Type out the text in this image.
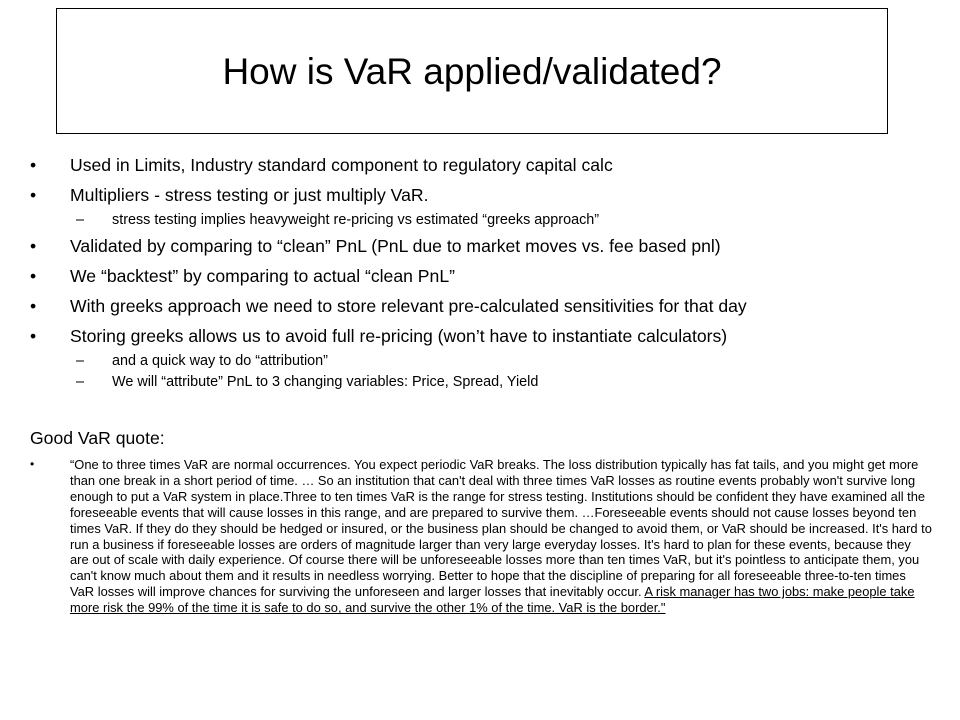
How is VaR applied/validated?
•	Used in Limits, Industry standard component to regulatory capital calc
•	Multipliers - stress testing or just multiply VaR.
– stress testing implies heavyweight re-pricing vs estimated “greeks approach”
•	Validated by comparing to “clean” PnL (PnL due to market moves vs. fee based pnl)
•	We “backtest” by comparing to actual “clean PnL”
•	With greeks approach we need to store relevant pre-calculated sensitivities for that day
•	Storing greeks allows us to avoid full re-pricing (won’t have to instantiate calculators)
– and a quick way to do “attribution”
– We will “attribute” PnL to 3 changing variables: Price, Spread, Yield
Good VaR quote:
•	“One to three times VaR are normal occurrences. You expect periodic VaR breaks. The loss distribution typically has fat tails, and you might get more than one break in a short period of time. … So an institution that can't deal with three times VaR losses as routine events probably won't survive long enough to put a VaR system in place.Three to ten times VaR is the range for stress testing. Institutions should be confident they have examined all the foreseeable events that will cause losses in this range, and are prepared to survive them. …Foreseeable events should not cause losses beyond ten times VaR. If they do they should be hedged or insured, or the business plan should be changed to avoid them, or VaR should be increased. It's hard to run a business if foreseeable losses are orders of magnitude larger than very large everyday losses. It's hard to plan for these events, because they are out of scale with daily experience. Of course there will be unforeseeable losses more than ten times VaR, but it's pointless to anticipate them, you can't know much about them and it results in needless worrying. Better to hope that the discipline of preparing for all foreseeable three-to-ten times VaR losses will improve chances for surviving the unforeseen and larger losses that inevitably occur. A risk manager has two jobs: make people take more risk the 99% of the time it is safe to do so, and survive the other 1% of the time. VaR is the border."
